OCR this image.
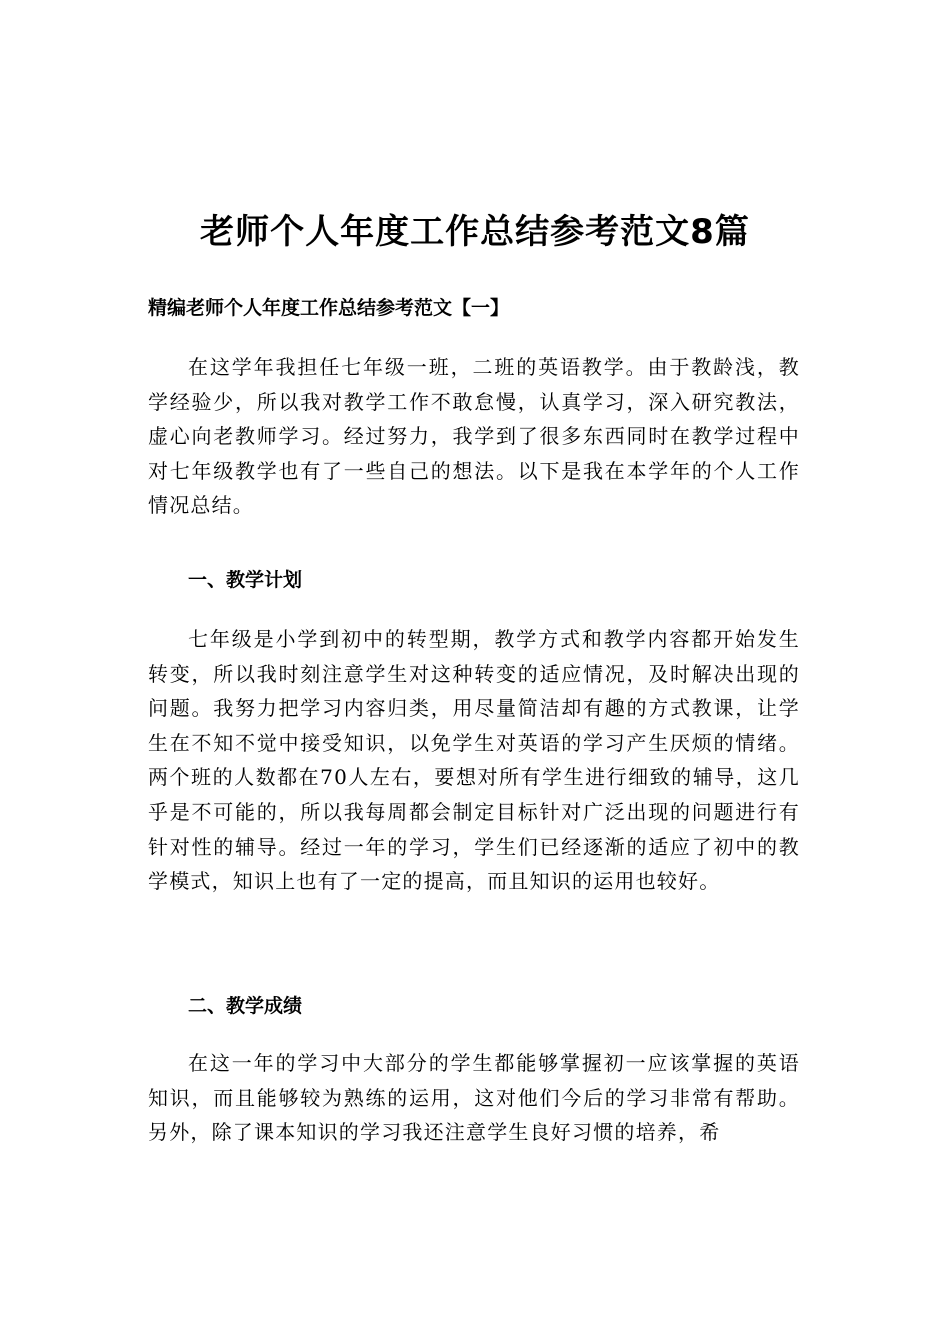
老师个人年度工作总结参考范文8篇
精编老师个人年度工作总结参考范文【一】

在这学年我担任七年级一班，二班的英语教学。由于教龄浅，教学经验少，所以我对教学工作不敢怠慢，认真学习，深入研究教法，虚心向老教师学习。经过努力，我学到了很多东西同时在教学过程中对七年级教学也有了一些自己的想法。以下是我在本学年的个人工作情况总结。

一、教学计划

七年级是小学到初中的转型期，教学方式和教学内容都开始发生转变，所以我时刻注意学生对这种转变的适应情况，及时解决出现的问题。我努力把学习内容归类，用尽量简洁却有趣的方式教课，让学生在不知不觉中接受知识，以免学生对英语的学习产生厌烦的情绪。两个班的人数都在70人左右，要想对所有学生进行细致的辅导，这几乎是不可能的，所以我每周都会制定目标针对广泛出现的问题进行有针对性的辅导。经过一年的学习，学生们已经逐渐的适应了初中的教学模式，知识上也有了一定的提高，而且知识的运用也较好。

二、教学成绩

在这一年的学习中大部分的学生都能够掌握初一应该掌握的英语知识，而且能够较为熟练的运用，这对他们今后的学习非常有帮助。另外，除了课本知识的学习我还注意学生良好习惯的培养，希
